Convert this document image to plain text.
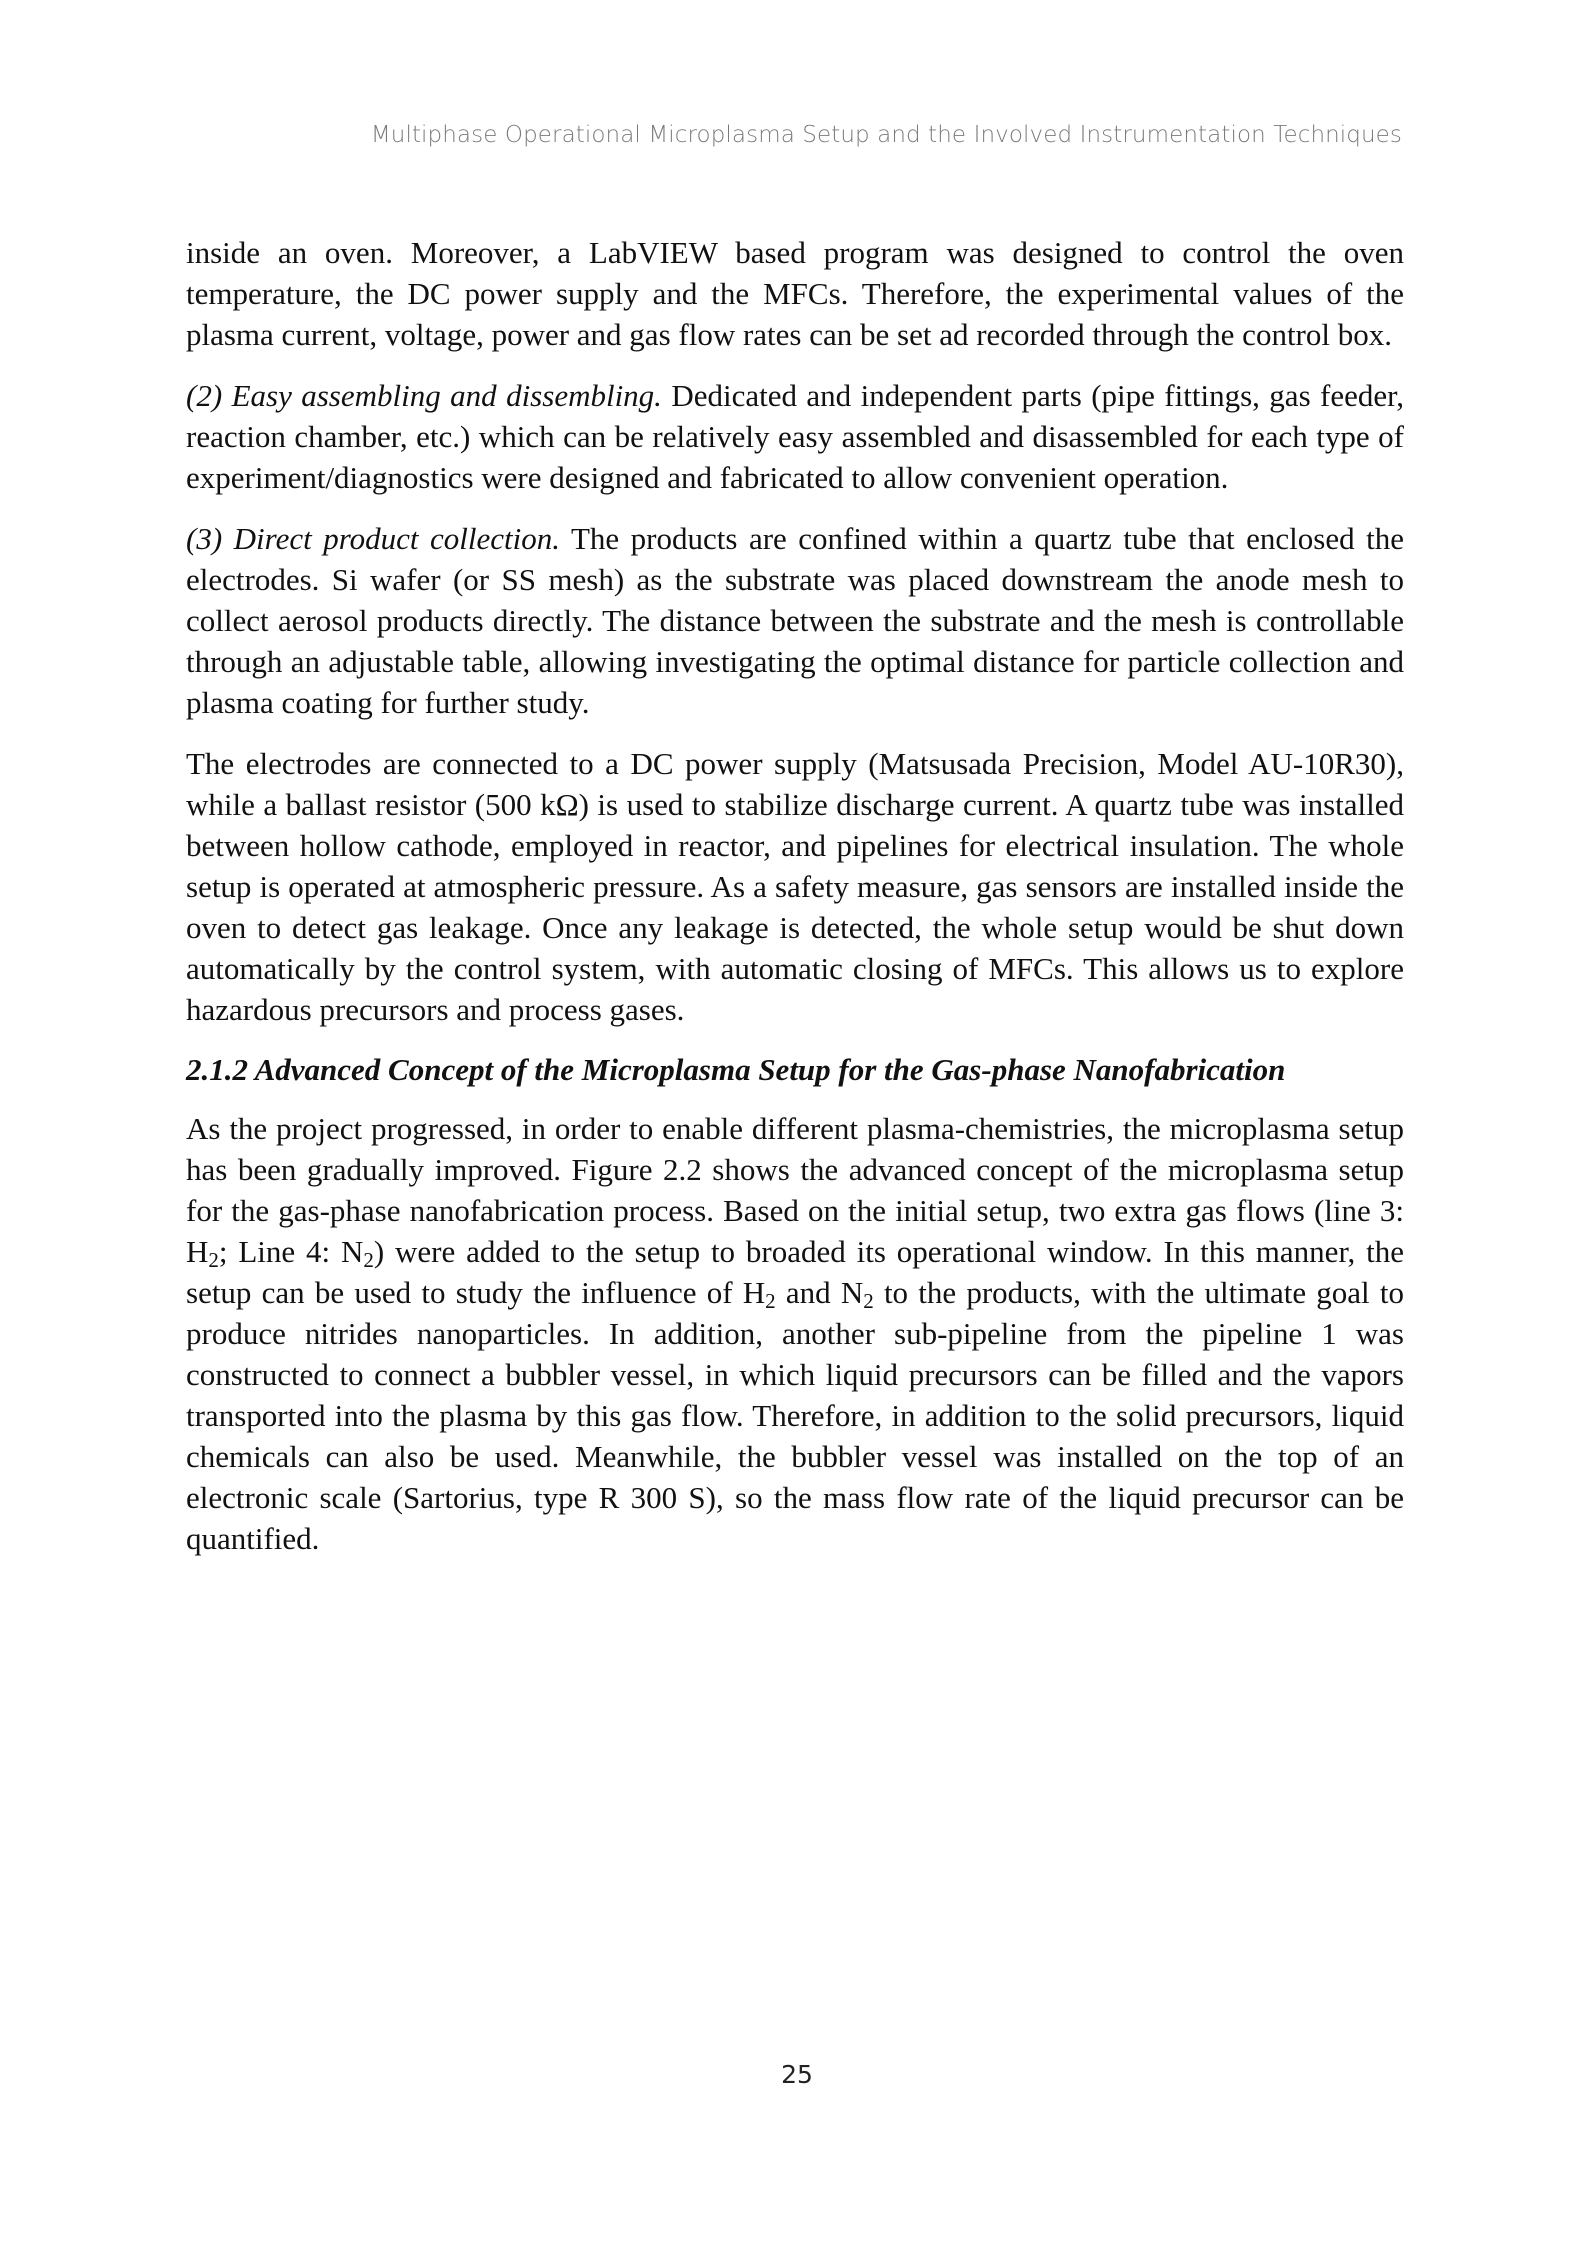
Multiphase Operational Microplasma Setup and the Involved Instrumentation Techniques

inside an oven. Moreover, a LabVIEW based program was designed to control the oven temperature, the DC power supply and the MFCs. Therefore, the experimental values of the plasma current, voltage, power and gas flow rates can be set ad recorded through the control box.

(2) Easy assembling and dissembling. Dedicated and independent parts (pipe fittings, gas feeder, reaction chamber, etc.) which can be relatively easy assembled and disassembled for each type of experiment/diagnostics were designed and fabricated to allow convenient operation.

(3) Direct product collection. The products are confined within a quartz tube that enclosed the electrodes. Si wafer (or SS mesh) as the substrate was placed downstream the anode mesh to collect aerosol products directly. The distance between the substrate and the mesh is controllable through an adjustable table, allowing investigating the optimal distance for particle collection and plasma coating for further study.

The electrodes are connected to a DC power supply (Matsusada Precision, Model AU-10R30), while a ballast resistor (500 kΩ) is used to stabilize discharge current. A quartz tube was installed between hollow cathode, employed in reactor, and pipelines for electrical insulation. The whole setup is operated at atmospheric pressure. As a safety measure, gas sensors are installed inside the oven to detect gas leakage. Once any leakage is detected, the whole setup would be shut down automatically by the control system, with automatic closing of MFCs. This allows us to explore hazardous precursors and process gases.

2.1.2 Advanced Concept of the Microplasma Setup for the Gas-phase Nanofabrication

As the project progressed, in order to enable different plasma-chemistries, the microplasma setup has been gradually improved. Figure 2.2 shows the advanced concept of the microplasma setup for the gas-phase nanofabrication process. Based on the initial setup, two extra gas flows (line 3: $H_2$; Line 4: $N_2$) were added to the setup to broaded its operational window. In this manner, the setup can be used to study the influence of $H_2$ and $N_2$ to the products, with the ultimate goal to produce nitrides nanoparticles. In addition, another sub-pipeline from the pipeline 1 was constructed to connect a bubbler vessel, in which liquid precursors can be filled and the vapors transported into the plasma by this gas flow. Therefore, in addition to the solid precursors, liquid chemicals can also be used. Meanwhile, the bubbler vessel was installed on the top of an electronic scale (Sartorius, type R 300 S), so the mass flow rate of the liquid precursor can be quantified.

25
